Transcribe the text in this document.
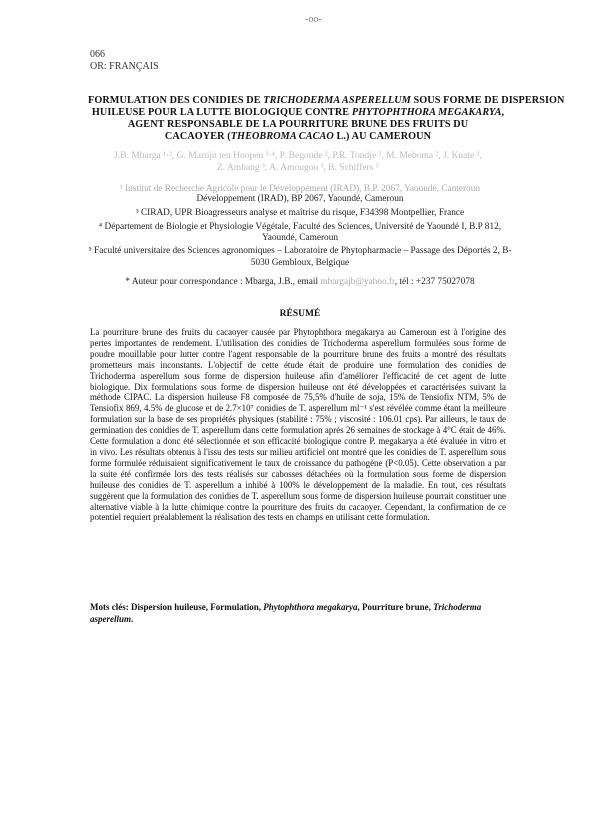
-oo-
066
OR: FRANÇAIS
FORMULATION DES CONIDIES DE TRICHODERMA ASPERELLUM SOUS FORME DE DISPERSION
HUILEUSE POUR LA LUTTE BIOLOGIQUE CONTRE PHYTOPHTHORA MEGAKARYA,
AGENT RESPONSABLE DE LA POURRITURE BRUNE DES FRUITS DU
CACAOYER (THEOBROMA CACAO L.) AU CAMEROUN
J.B. Mbarga ¹·², G. Martijn ten Hoopen ³·⁴, P. Begoude ², P.R. Tondje ², M. Meboma ², J. Kuate ²,
Z. Ambang ³, A. Amougou ³, B. Schiffers ⁵
¹ Institut de Recherche Agricole pour le Développement (IRAD), B.P. 2067, Yaoundé, Cameroun
Développement (IRAD), BP 2067, Yaoundé, Cameroun
³ CIRAD, UPR Bioagresseurs analyse et maîtrise du risque, F34398 Montpellier, France
⁴ Département de Biologie et Physiologie Végétale, Faculté des Sciences, Université de Yaoundé I, B.P 812,
Yaoundé, Cameroun
⁵ Faculté universitaire des Sciences agronomiques – Laboratoire de Phytopharmacie – Passage des Déportés 2, B-
5030 Gembloux, Belgique
* Auteur pour correspondance : Mbarga, J.B., email mbargajb@yahoo.fr, tél : +237 75027078
RÉSUMÉ
La pourriture brune des fruits du cacaoyer causée par Phytophthora megakarya au Cameroun est à l'origine des
pertes importantes de rendement. L'utilisation des conidies de Trichoderma asperellum formulées sous forme de
poudre mouillable pour lutter contre l'agent responsable de la pourriture brune des fruits a montré des résultats
prometteurs mais inconstants. L'objectif de cette étude était de produire une formulation des conidies de
Trichoderma asperellum sous forme de dispersion huileuse afin d'améliorer l'efficacité de cet agent de lutte
biologique. Dix formulations sous forme de dispersion huileuse ont été développées et caractérisées suivant la
méthode CIPAC. La dispersion huileuse F8 composée de 75,5% d'huile de soja, 15% de Tensiofix NTM, 5% de
Tensiofix 869, 4.5% de glucose et de 2.7×10⁷ conidies de T. asperellum ml⁻¹ s'est révélée comme étant la meilleure
formulation sur la base de ses propriétés physiques (stabilité : 75% ; viscosité : 106.01 cps). Par ailleurs, le taux de
germination des conidies de T. asperellum dans cette formulation après 26 semaines de stockage à 4°C était de 46%.
Cette formulation a donc été sélectionnée et son efficacité biologique contre P. megakarya a été évaluée in vitro et
in vivo. Les résultats obtenus à l'issu des tests sur milieu artificiel ont montré que les conidies de T. asperellum sous
forme formulée réduisaient significativement le taux de croissance du pathogène (P<0.05). Cette observation a par
la suite été confirmée lors des tests réalisés sur cabosses détachées où la formulation sous forme de dispersion
huileuse des conidies de T. asperellum a inhibé à 100% le développement de la maladie. En tout, ces résultats
suggèrent que la formulation des conidies de T. asperellum sous forme de dispersion huileuse pourrait constituer une
alternative viable à la lutte chimique contre la pourriture des fruits du cacaoyer. Cependant, la confirmation de ce
potentiel requiert préalablement la réalisation des tests en champs en utilisant cette formulation.
Mots clés: Dispersion huileuse, Formulation, Phytophthora megakarya, Pourriture brune, Trichoderma asperellum.
